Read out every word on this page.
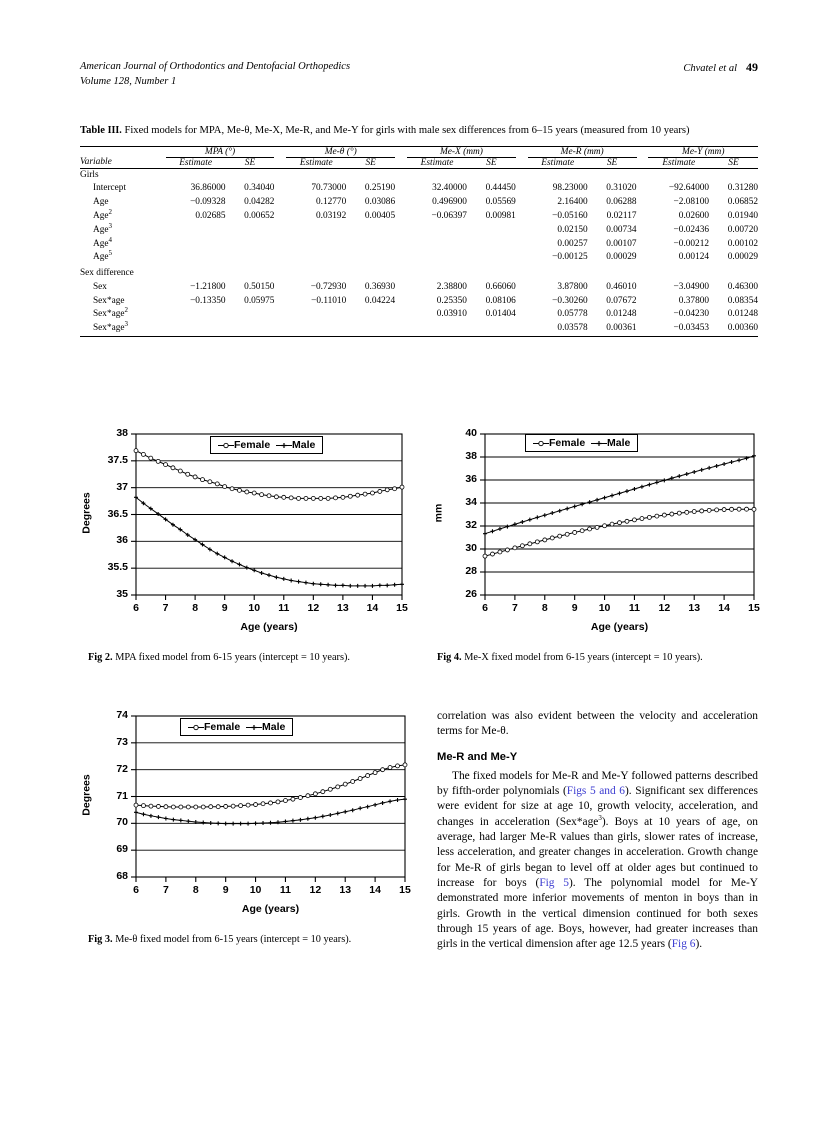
American Journal of Orthodontics and Dentofacial Orthopedics
Volume 128, Number 1
Chvatel et al 49
Table III. Fixed models for MPA, Me-θ, Me-X, Me-R, and Me-Y for girls with male sex differences from 6–15 years (measured from 10 years)
	MPA (°)			Me-θ (°)			Me-X (mm)			Me-R (mm)			Me-Y (mm)	
Variable	Estimate	SE		Estimate	SE		Estimate	SE		Estimate	SE		Estimate	SE
Girls														
Intercept	36.86000	0.34040		70.73000	0.25190		32.40000	0.44450		98.23000	0.31020		−92.64000	0.31280
Age	−0.09328	0.04282		0.12770	0.03086		0.496900	0.05569		2.16400	0.06288		−2.08100	0.06852
Age$^2$	0.02685	0.00652		0.03192	0.00405		−0.06397	0.00981		−0.05160	0.02117		0.02600	0.01940
Age$^3$										0.02150	0.00734		−0.02436	0.00720
Age$^4$										0.00257	0.00107		−0.00212	0.00102
Age$^5$										−0.00125	0.00029		0.00124	0.00029
Sex difference														
Sex	−1.21800	0.50150		−0.72930	0.36930		2.38800	0.66060		3.87800	0.46010		−3.04900	0.46300
Sex*age	−0.13350	0.05975		−0.11010	0.04224		0.25350	0.08106		−0.30260	0.07672		0.37800	0.08354
Sex*age$^2$							0.03910	0.01404		0.05778	0.01248		−0.04230	0.01248
Sex*age$^3$										0.03578	0.00361		−0.03453	0.00360
35
35.5
36
36.5
37
37.5
38
6	7	8	9	10	11	12	13	14	15
Age (years)
Degrees
Female Male
Fig 2. MPA fixed model from 6-15 years (intercept = 10 years).
26
28
30
32
34
36
38
40
6	7	8	9	10	11	12	13	14	15
Age (years)
mm
Female Male
Fig 4. Me-X fixed model from 6-15 years (intercept = 10 years).
68
69
70
71
72
73
74
6	7	8	9	10	11	12	13	14	15
Age (years)
Degrees
Female Male
Fig 3. Me-θ fixed model from 6-15 years (intercept = 10 years).

correlation was also evident between the velocity and acceleration terms for Me-θ.

Me-R and Me-Y

The fixed models for Me-R and Me-Y followed patterns described by fifth-order polynomials (Figs 5 and 6). Significant sex differences were evident for size at age 10, growth velocity, acceleration, and changes in acceleration (Sex*age$^3$). Boys at 10 years of age, on average, had larger Me-R values than girls, slower rates of increase, less acceleration, and greater changes in acceleration. Growth change for Me-R of girls began to level off at older ages but continued to increase for boys (Fig 5). The polynomial model for Me-Y demonstrated more inferior movements of menton in boys than in girls. Growth in the vertical dimension continued for both sexes through 15 years of age. Boys, however, had greater increases than girls in the vertical dimension after age 12.5 years (Fig 6).
